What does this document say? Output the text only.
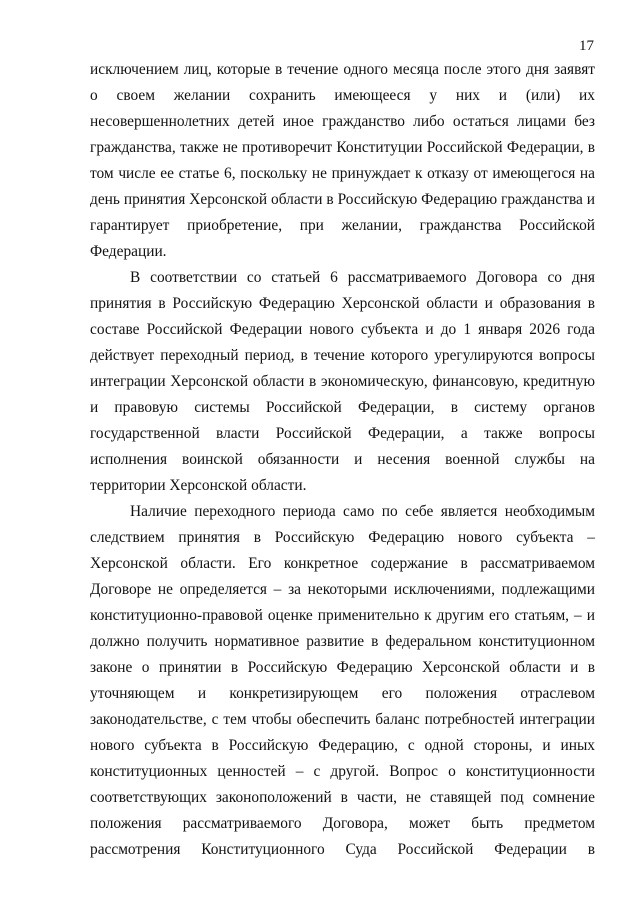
17
исключением лиц, которые в течение одного месяца после этого дня заявят
о своем желании сохранить имеющееся у них и (или) их
несовершеннолетних детей иное гражданство либо остаться лицами без
гражданства, также не противоречит Конституции Российской Федерации, в
том числе ее статье 6, поскольку не принуждает к отказу от имеющегося на
день принятия Херсонской области в Российскую Федерацию гражданства и
гарантирует приобретение, при желании, гражданства Российской
Федерации.
В соответствии со статьей 6 рассматриваемого Договора со дня
принятия в Российскую Федерацию Херсонской области и образования в
составе Российской Федерации нового субъекта и до 1 января 2026 года
действует переходный период, в течение которого урегулируются вопросы
интеграции Херсонской области в экономическую, финансовую, кредитную
и правовую системы Российской Федерации, в систему органов
государственной власти Российской Федерации, а также вопросы
исполнения воинской обязанности и несения военной службы на
территории Херсонской области.
Наличие переходного периода само по себе является необходимым
следствием принятия в Российскую Федерацию нового субъекта –
Херсонской области. Его конкретное содержание в рассматриваемом
Договоре не определяется – за некоторыми исключениями, подлежащими
конституционно-правовой оценке применительно к другим его статьям, – и
должно получить нормативное развитие в федеральном конституционном
законе о принятии в Российскую Федерацию Херсонской области и в
уточняющем и конкретизирующем его положения отраслевом
законодательстве, с тем чтобы обеспечить баланс потребностей интеграции
нового субъекта в Российскую Федерацию, с одной стороны, и иных
конституционных ценностей – с другой. Вопрос о конституционности
соответствующих законоположений в части, не ставящей под сомнение
положения рассматриваемого Договора, может быть предметом
рассмотрения Конституционного Суда Российской Федерации в
